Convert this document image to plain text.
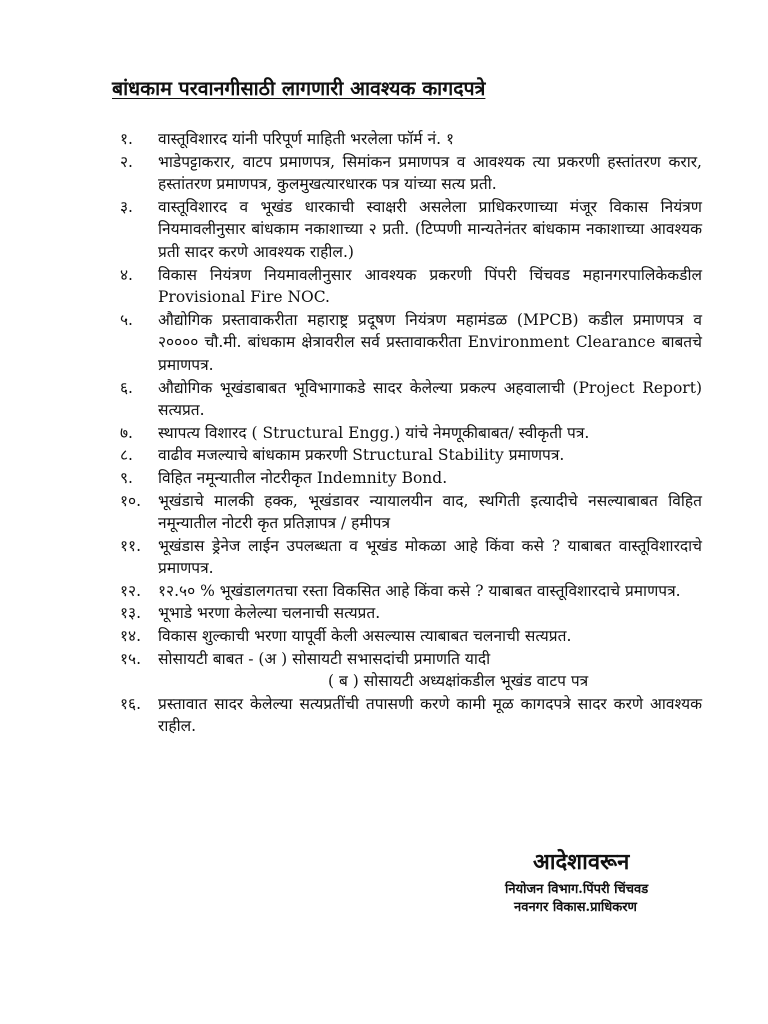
बांधकाम परवानगीसाठी लागणारी आवश्यक कागदपत्रे
१.	वास्तूविशारद यांनी परिपूर्ण माहिती भरलेला फॉर्म नं. १
२.	भाडेपट्टाकरार, वाटप प्रमाणपत्र, सिमांकन प्रमाणपत्र व आवश्यक त्या प्रकरणी हस्तांतरण करार, हस्तांतरण प्रमाणपत्र, कुलमुखत्यारधारक पत्र यांच्या सत्य प्रती.
३.	वास्तूविशारद व भूखंड धारकाची स्वाक्षरी असलेला प्राधिकरणाच्या मंजूर विकास नियंत्रण नियमावलीनुसार बांधकाम नकाशाच्या २ प्रती. (टिप्पणी मान्यतेनंतर बांधकाम नकाशाच्या आवश्यक प्रती सादर करणे आवश्यक राहील.)
४.	विकास नियंत्रण नियमावलीनुसार आवश्यक प्रकरणी पिंपरी चिंचवड महानगरपालिकेकडील Provisional Fire NOC.
५.	औद्योगिक प्रस्तावाकरीता महाराष्ट्र प्रदूषण नियंत्रण महामंडळ (MPCB) कडील प्रमाणपत्र व २०००० चौ.मी. बांधकाम क्षेत्रावरील सर्व प्रस्तावाकरीता Environment Clearance बाबतचे प्रमाणपत्र.
६.	औद्योगिक भूखंडाबाबत भूविभागाकडे सादर केलेल्या प्रकल्प अहवालाची (Project Report) सत्यप्रत.
७.	स्थापत्य विशारद ( Structural Engg.) यांचे नेमणूकीबाबत/ स्वीकृती पत्र.
८.	वाढीव मजल्याचे बांधकाम प्रकरणी Structural Stability प्रमाणपत्र.
९.	विहित नमून्यातील नोटरीकृत Indemnity Bond.
१०.	भूखंडाचे मालकी हक्क, भूखंडावर न्यायालयीन वाद, स्थगिती इत्यादीचे नसल्याबाबत विहित नमून्यातील नोटरी कृत प्रतिज्ञापत्र / हमीपत्र
११.	भूखंडास ड्रेनेज लाईन उपलब्धता व भूखंड मोकळा आहे किंवा कसे ? याबाबत वास्तूविशारदाचे प्रमाणपत्र.
१२.	१२.५० % भूखंडालगतचा रस्ता विकसित आहे किंवा कसे ? याबाबत वास्तूविशारदाचे प्रमाणपत्र.
१३.	भूभाडे भरणा केलेल्या चलनाची सत्यप्रत.
१४.	विकास शुल्काची भरणा यापूर्वी केली असल्यास त्याबाबत चलनाची सत्यप्रत.
१५.	सोसायटी बाबत - (अ ) सोसायटी सभासदांची प्रमाणति यादी
( ब ) सोसायटी अध्यक्षांकडील भूखंड वाटप पत्र
१६.	प्रस्तावात सादर केलेल्या सत्यप्रतींची तपासणी करणे कामी मूळ कागदपत्रे सादर करणे आवश्यक राहील.
आदेशावरून
नियोजन विभाग.पिंपरी चिंचवड
नवनगर विकास.प्राधिकरण
